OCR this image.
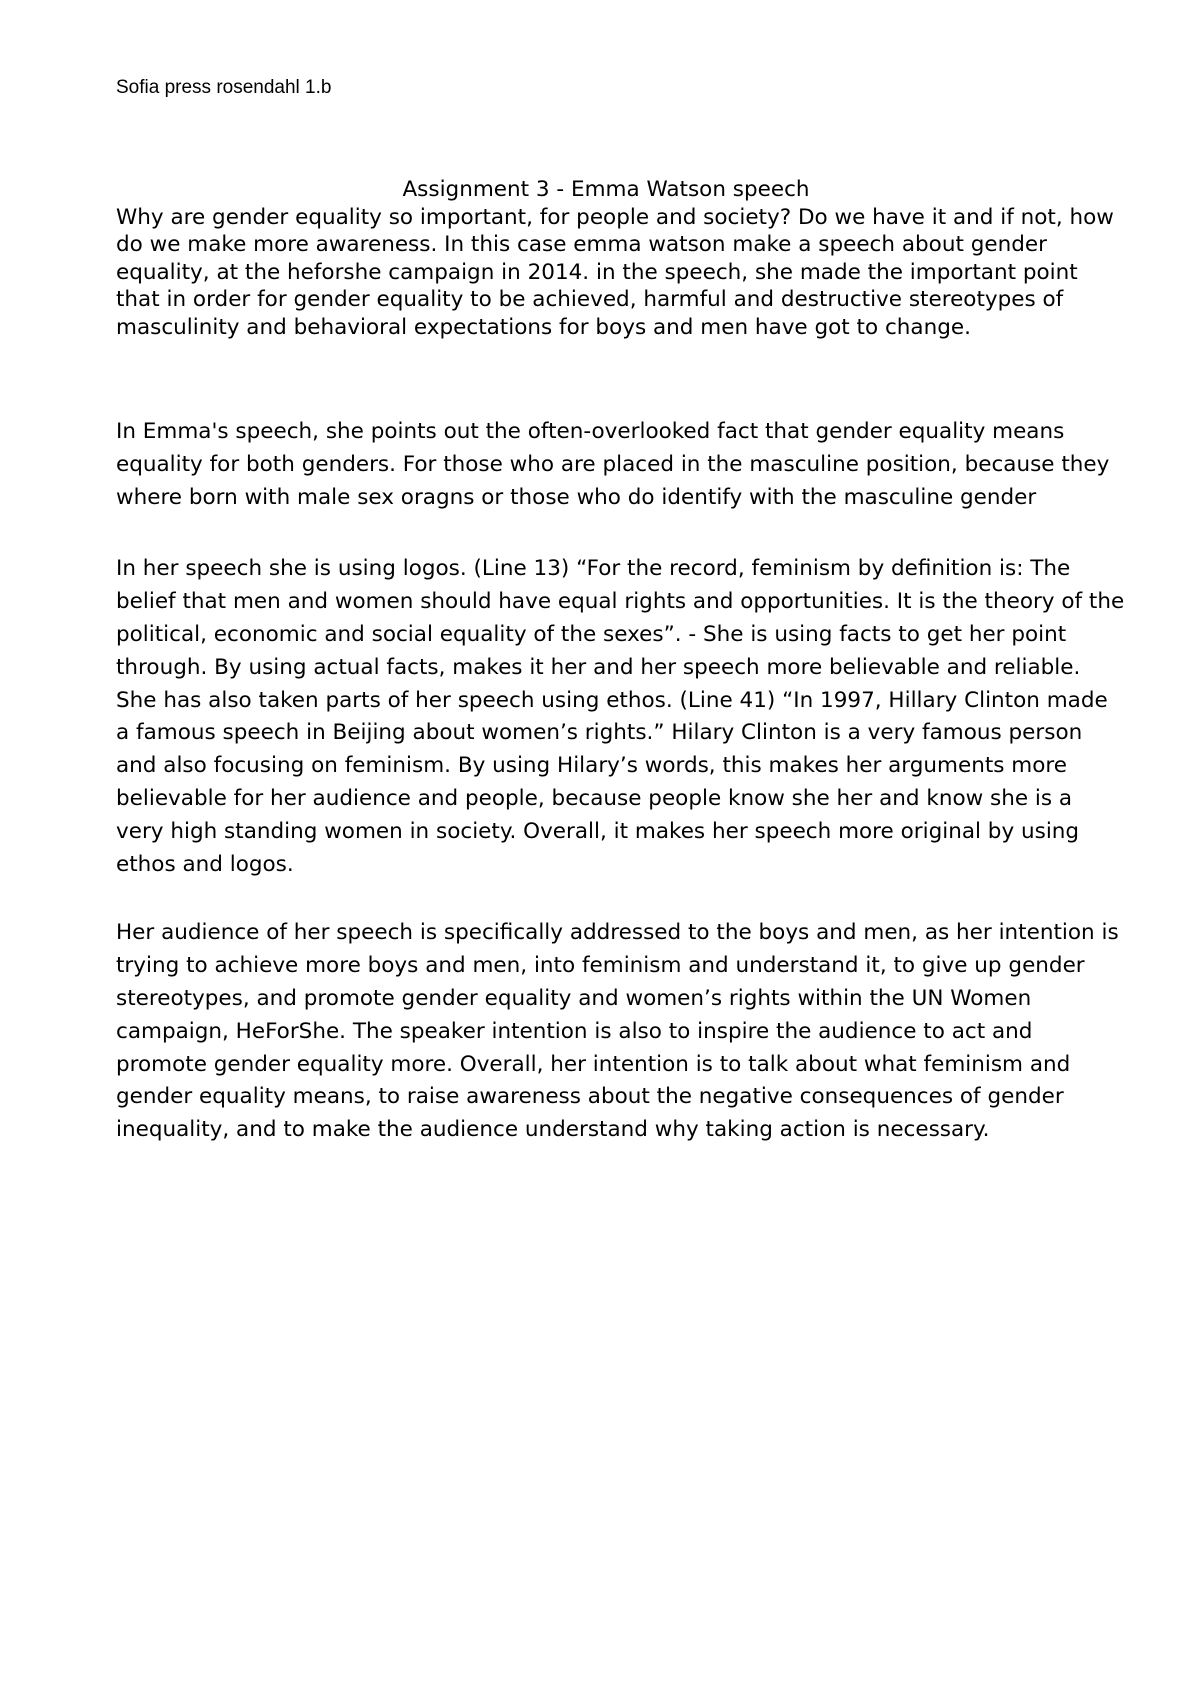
Sofia press rosendahl 1.b

Assignment 3 - Emma Watson speech

Why are gender equality so important, for people and society? Do we have it and if not, how do we make more awareness. In this case emma watson make a speech about gender equality, at the heforshe campaign in 2014. in the speech, she made the important point that in order for gender equality to be achieved, harmful and destructive stereotypes of masculinity and behavioral expectations for boys and men have got to change.

In Emma's speech, she points out the often-overlooked fact that gender equality means equality for both genders. For those who are placed in the masculine position, because they where born with male sex oragns or those who do identify with the masculine gender

In her speech she is using logos. (Line 13) “For the record, feminism by definition is: The belief that men and women should have equal rights and opportunities. It is the theory of the political, economic and social equality of the sexes”. - She is using facts to get her point through. By using actual facts, makes it her and her speech more believable and reliable. She has also taken parts of her speech using ethos. (Line 41) “In 1997, Hillary Clinton made a famous speech in Beijing about women’s rights.” Hilary Clinton is a very famous person and also focusing on feminism. By using Hilary’s words, this makes her arguments more believable for her audience and people, because people know she her and know she is a very high standing women in society. Overall, it makes her speech more original by using ethos and logos.

Her audience of her speech is specifically addressed to the boys and men, as her intention is trying to achieve more boys and men, into feminism and understand it, to give up gender stereotypes, and promote gender equality and women’s rights within the UN Women campaign, HeForShe. The speaker intention is also to inspire the audience to act and promote gender equality more. Overall, her intention is to talk about what feminism and gender equality means, to raise awareness about the negative consequences of gender inequality, and to make the audience understand why taking action is necessary.
